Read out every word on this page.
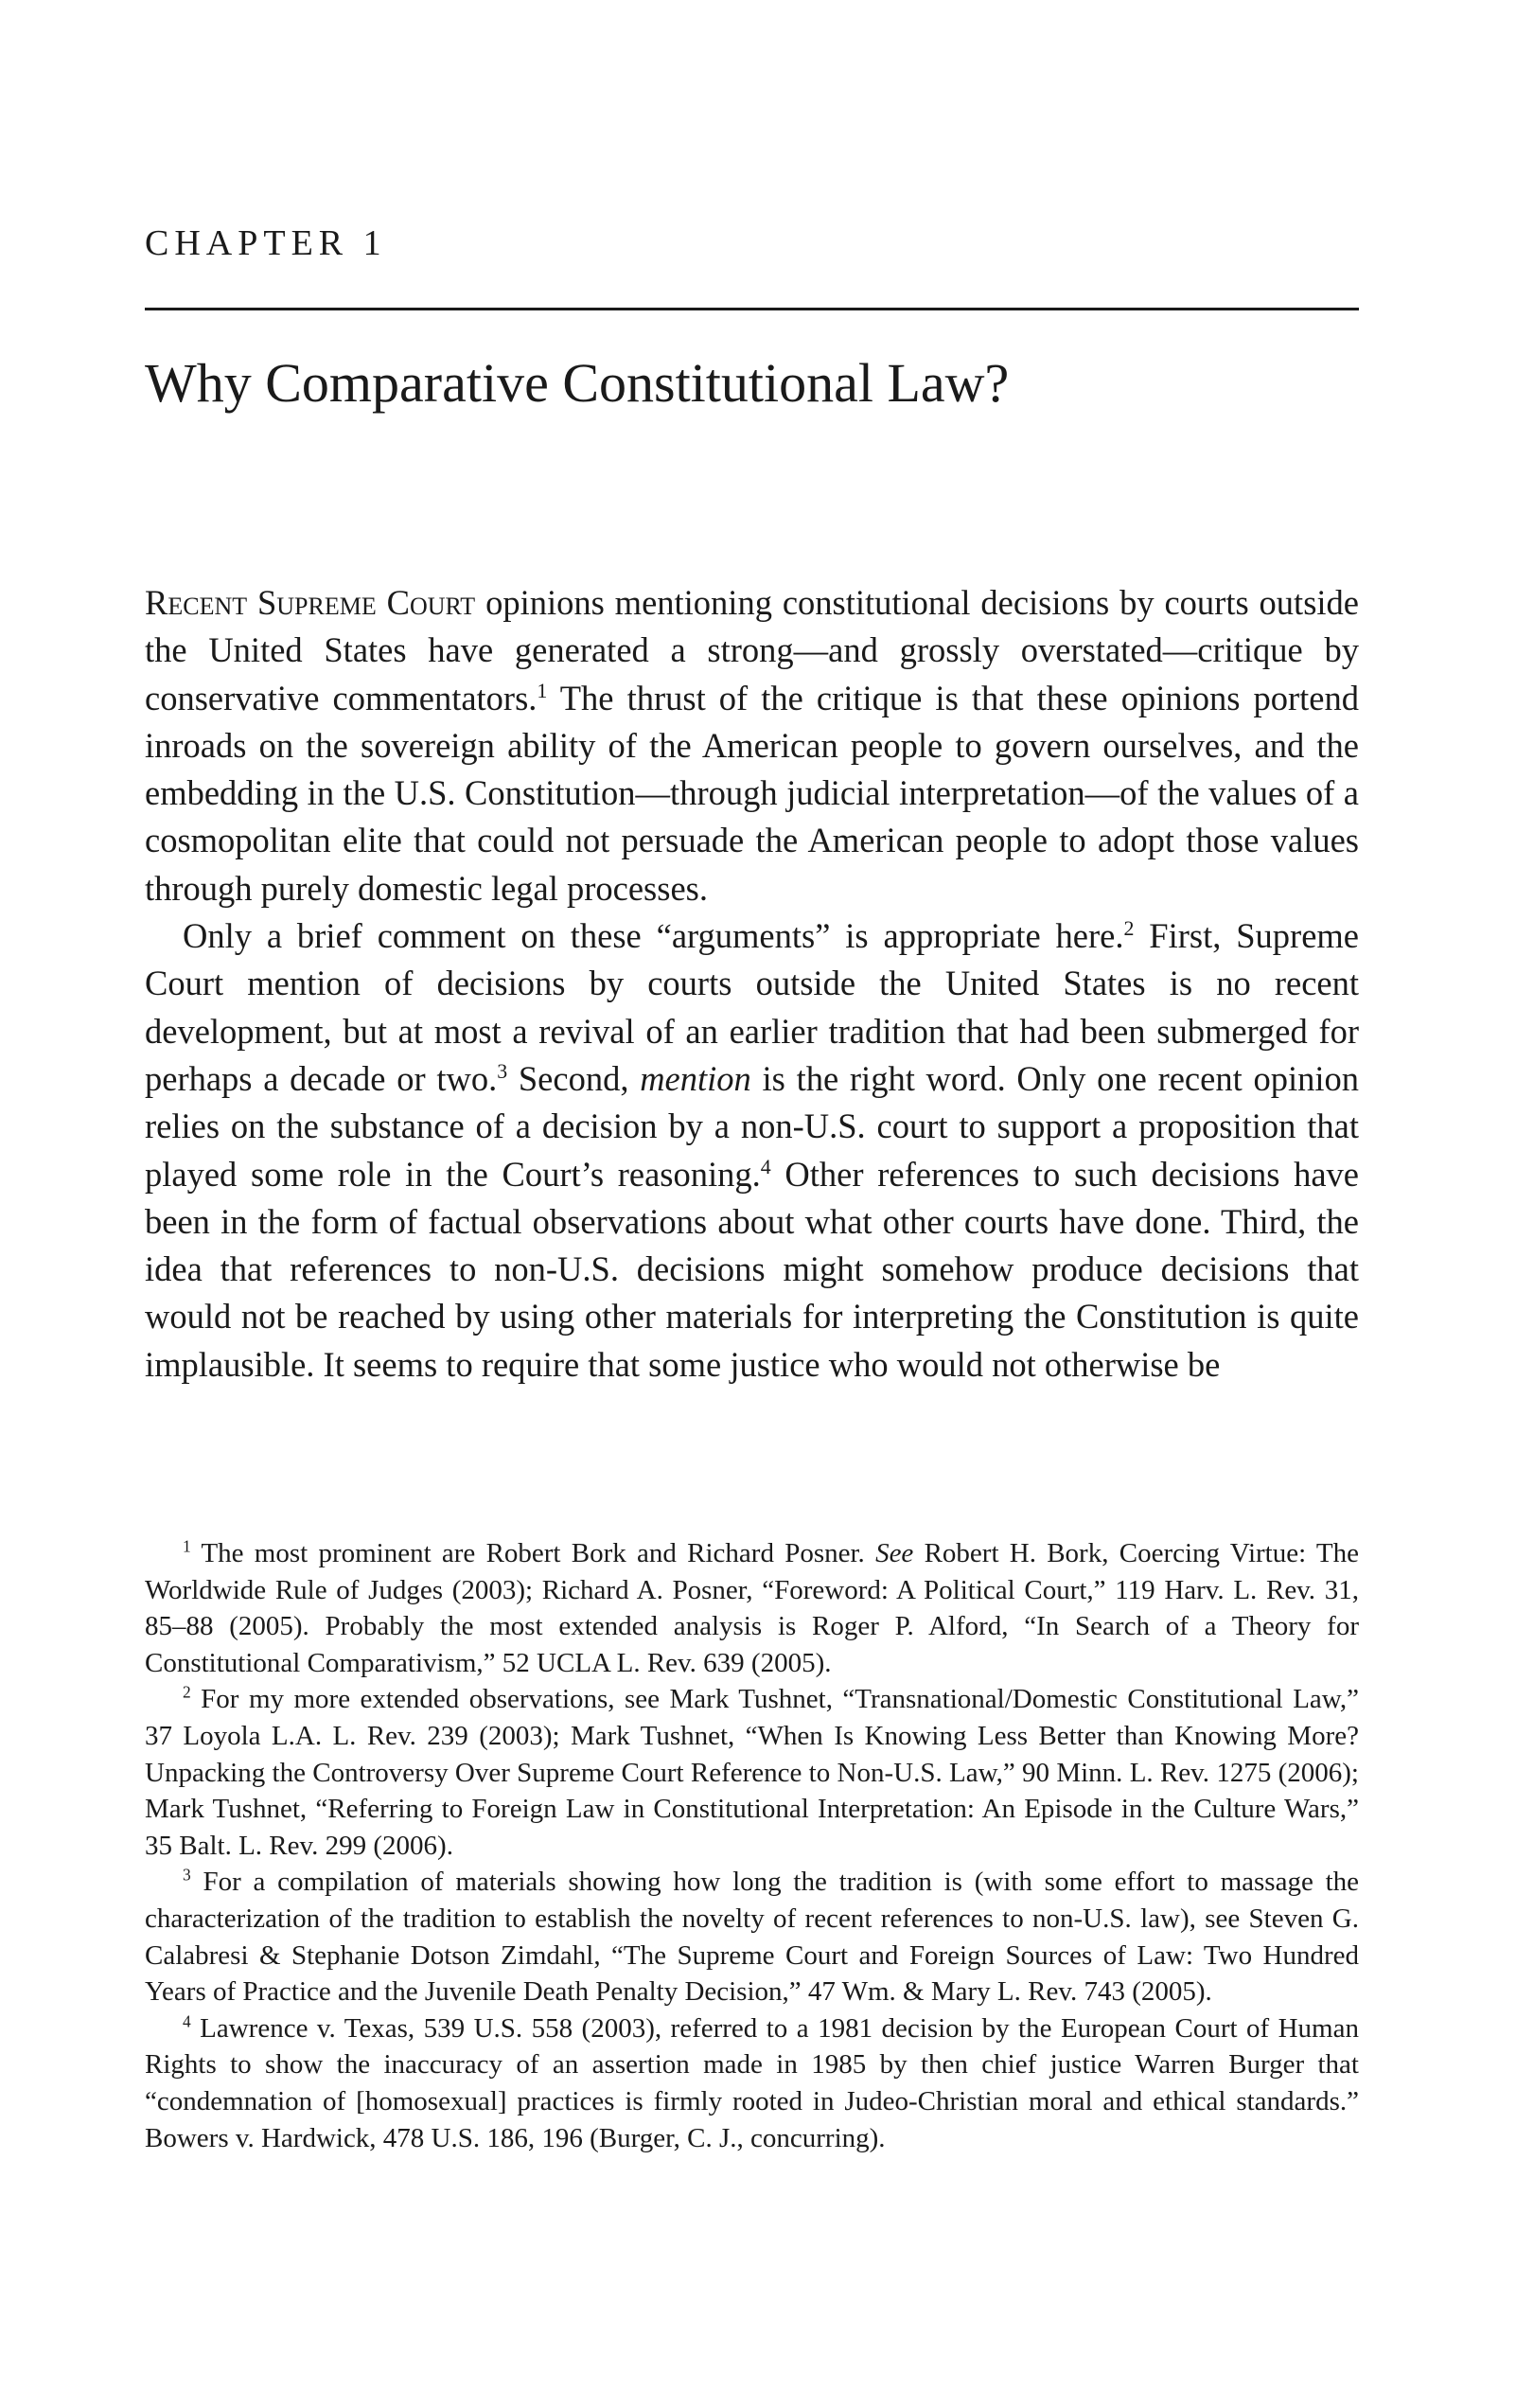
CHAPTER 1
Why Comparative Constitutional Law?

Recent Supreme Court opinions mentioning constitutional decisions by courts outside the United States have generated a strong—and grossly overstated—critique by conservative commentators.$^1$ The thrust of the critique is that these opinions portend inroads on the sovereign ability of the American people to govern ourselves, and the embedding in the U.S. Constitution—through judicial interpretation—of the values of a cosmopolitan elite that could not persuade the American people to adopt those values through purely domestic legal processes.

Only a brief comment on these “arguments” is appropriate here.$^2$ First, Supreme Court mention of decisions by courts outside the United States is no recent development, but at most a revival of an earlier tradition that had been submerged for perhaps a decade or two.$^3$ Second, mention is the right word. Only one recent opinion relies on the substance of a decision by a non-U.S. court to support a proposition that played some role in the Court’s reasoning.$^4$ Other references to such decisions have been in the form of factual observations about what other courts have done. Third, the idea that references to non-U.S. decisions might somehow produce decisions that would not be reached by using other materials for interpreting the Constitution is quite implausible. It seems to require that some justice who would not otherwise be

$^1$ The most prominent are Robert Bork and Richard Posner. See Robert H. Bork, Coercing Virtue: The Worldwide Rule of Judges (2003); Richard A. Posner, “Foreword: A Political Court,” 119 Harv. L. Rev. 31, 85–88 (2005). Probably the most extended analysis is Roger P. Alford, “In Search of a Theory for Constitutional Comparativism,” 52 UCLA L. Rev. 639 (2005).

$^2$ For my more extended observations, see Mark Tushnet, “Transnational/Domestic Constitutional Law,” 37 Loyola L.A. L. Rev. 239 (2003); Mark Tushnet, “When Is Knowing Less Better than Knowing More? Unpacking the Controversy Over Supreme Court Reference to Non-U.S. Law,” 90 Minn. L. Rev. 1275 (2006); Mark Tushnet, “Referring to Foreign Law in Constitutional Interpretation: An Episode in the Culture Wars,” 35 Balt. L. Rev. 299 (2006).

$^3$ For a compilation of materials showing how long the tradition is (with some effort to massage the characterization of the tradition to establish the novelty of recent references to non-U.S. law), see Steven G. Calabresi & Stephanie Dotson Zimdahl, “The Supreme Court and Foreign Sources of Law: Two Hundred Years of Practice and the Juvenile Death Penalty Decision,” 47 Wm. & Mary L. Rev. 743 (2005).

$^4$ Lawrence v. Texas, 539 U.S. 558 (2003), referred to a 1981 decision by the European Court of Human Rights to show the inaccuracy of an assertion made in 1985 by then chief justice Warren Burger that “condemnation of [homosexual] practices is firmly rooted in Judeo-Christian moral and ethical standards.” Bowers v. Hardwick, 478 U.S. 186, 196 (Burger, C. J., concurring).
